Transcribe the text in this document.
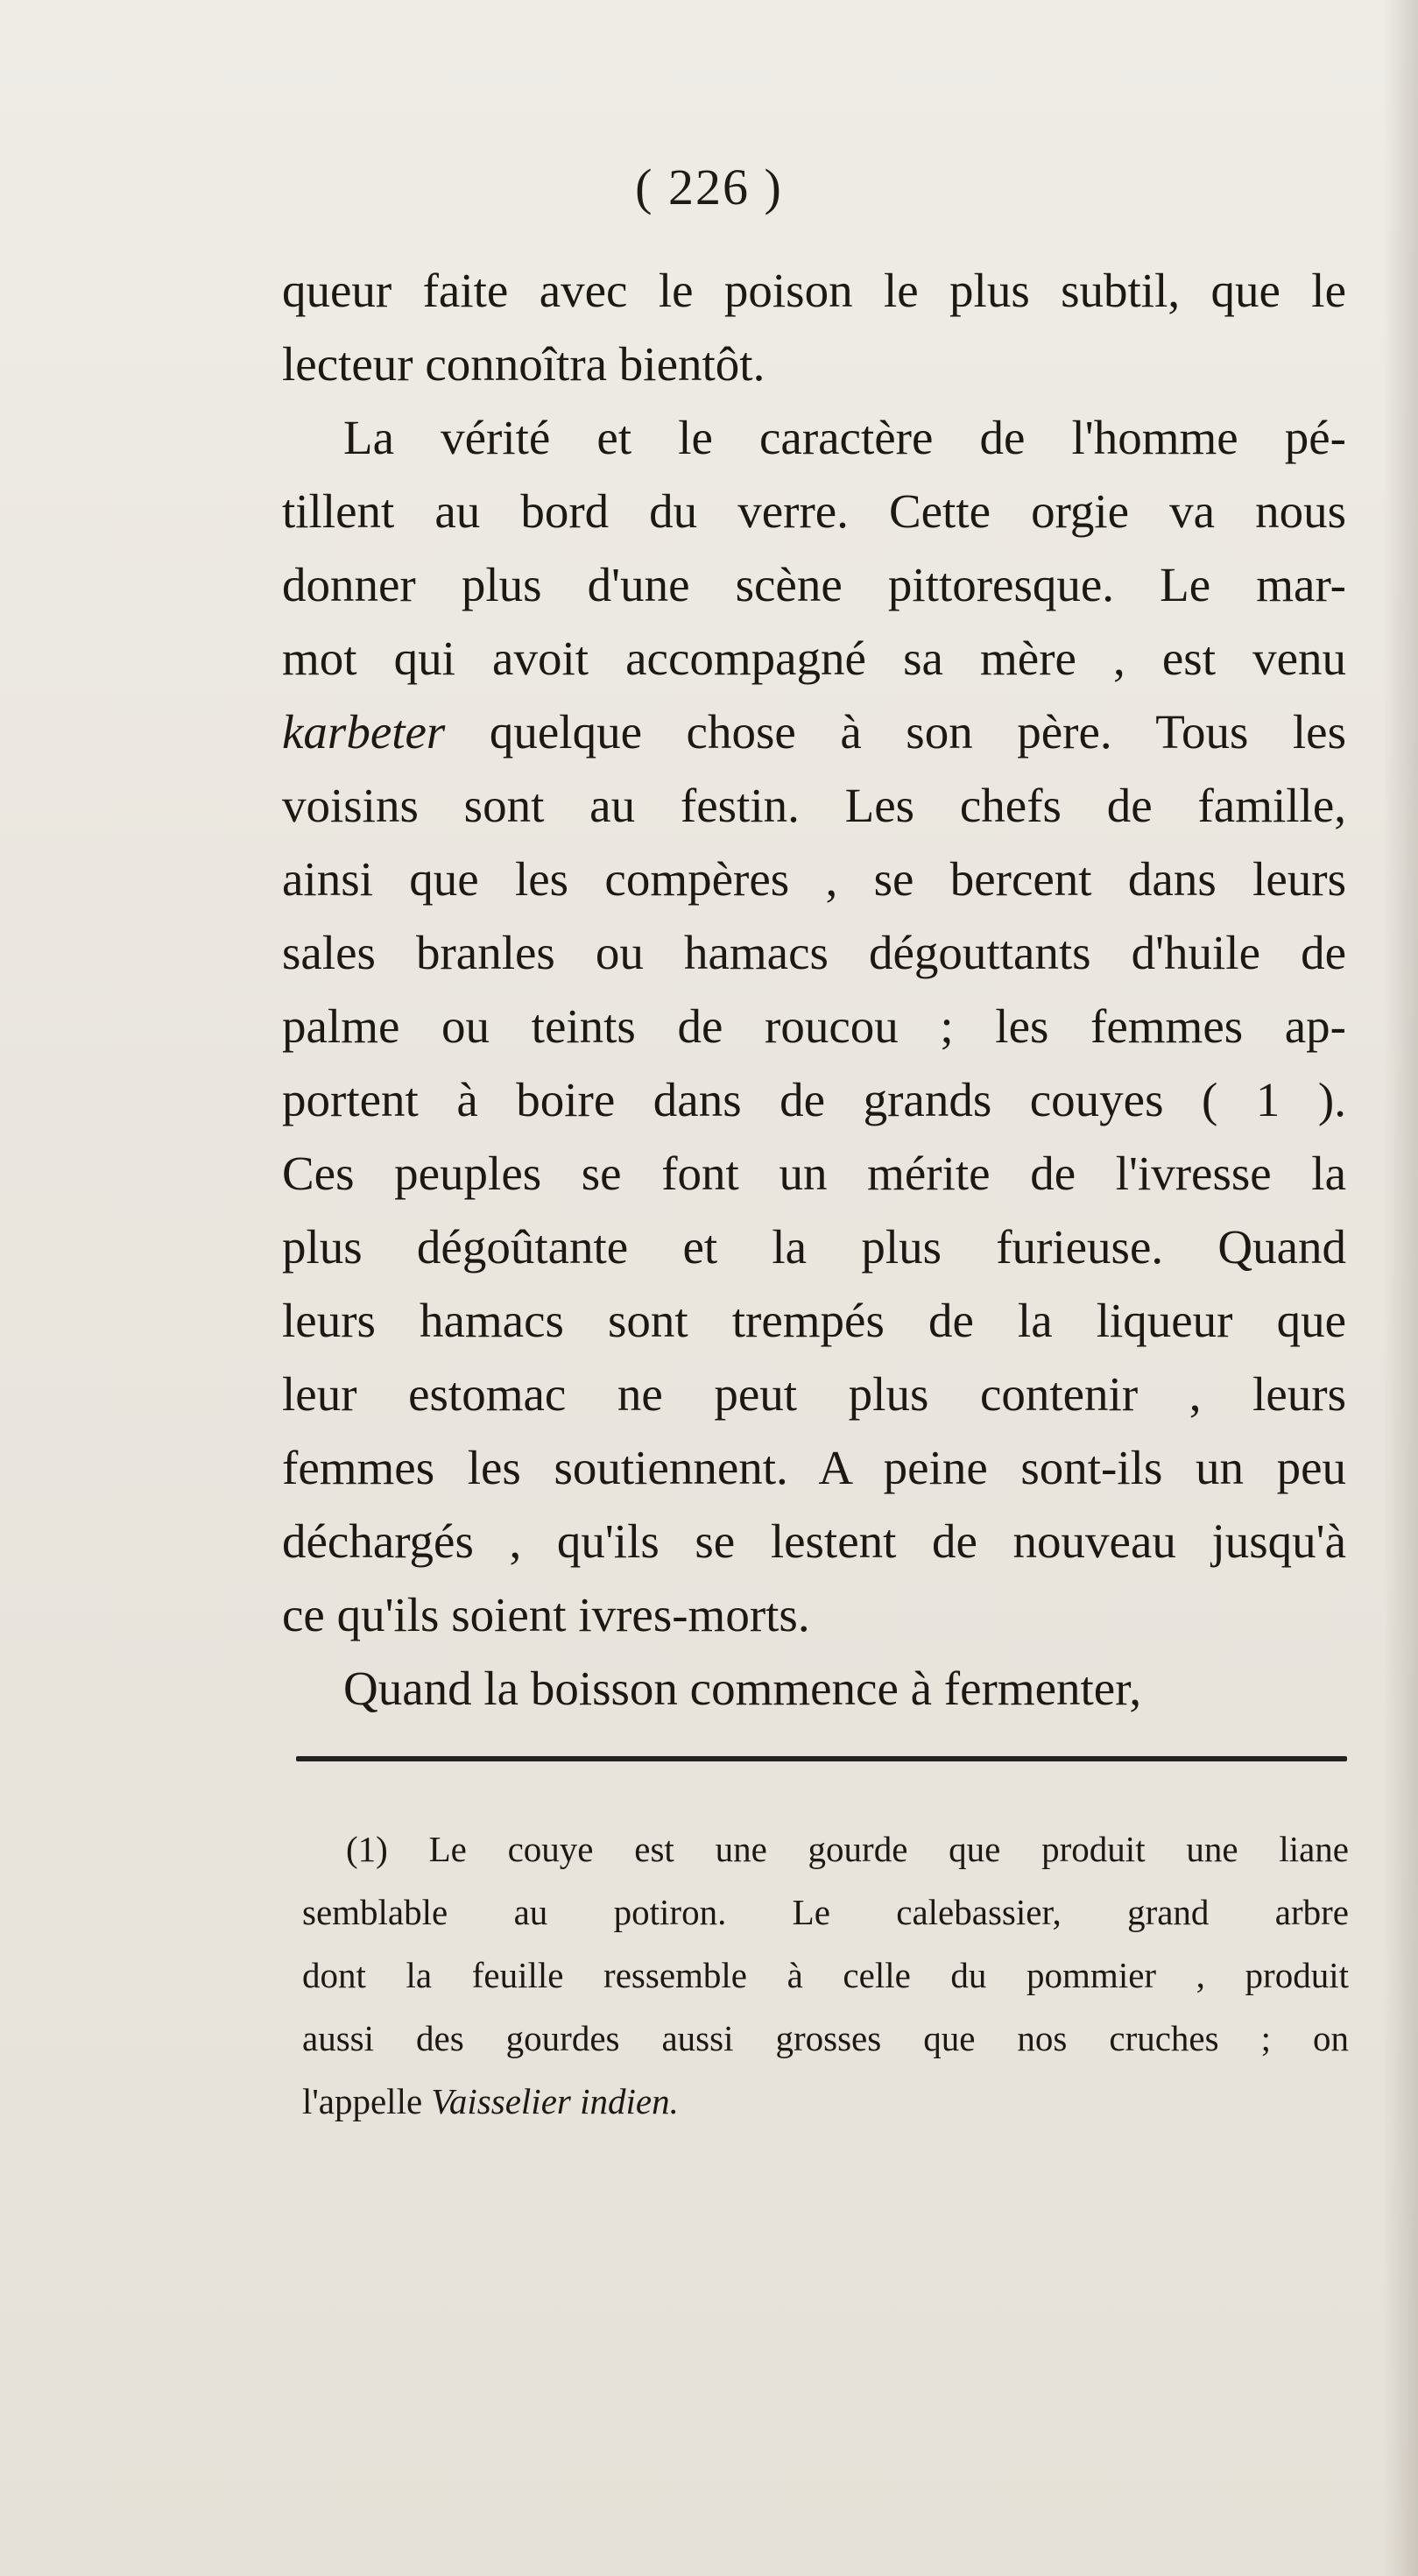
( 226 )

queur faite avec le poison le plus subtil, que le

lecteur connoîtra bientôt.

La vérité et le caractère de l'homme pé-

tillent au bord du verre. Cette orgie va nous

donner plus d'une scène pittoresque. Le mar-

mot qui avoit accompagné sa mère , est venu

karbeter quelque chose à son père. Tous les

voisins sont au festin. Les chefs de famille,

ainsi que les compères , se bercent dans leurs

sales branles ou hamacs dégouttants d'huile de

palme ou teints de roucou ; les femmes ap-

portent à boire dans de grands couyes ( 1 ).

Ces peuples se font un mérite de l'ivresse la

plus dégoûtante et la plus furieuse. Quand

leurs hamacs sont trempés de la liqueur que

leur estomac ne peut plus contenir , leurs

femmes les soutiennent. A peine sont-ils un peu

déchargés , qu'ils se lestent de nouveau jusqu'à

ce qu'ils soient ivres-morts.

Quand la boisson commence à fermenter,

(1) Le couye est une gourde que produit une liane

semblable au potiron. Le calebassier, grand arbre

dont la feuille ressemble à celle du pommier , produit

aussi des gourdes aussi grosses que nos cruches ; on

l'appelle Vaisselier indien.
